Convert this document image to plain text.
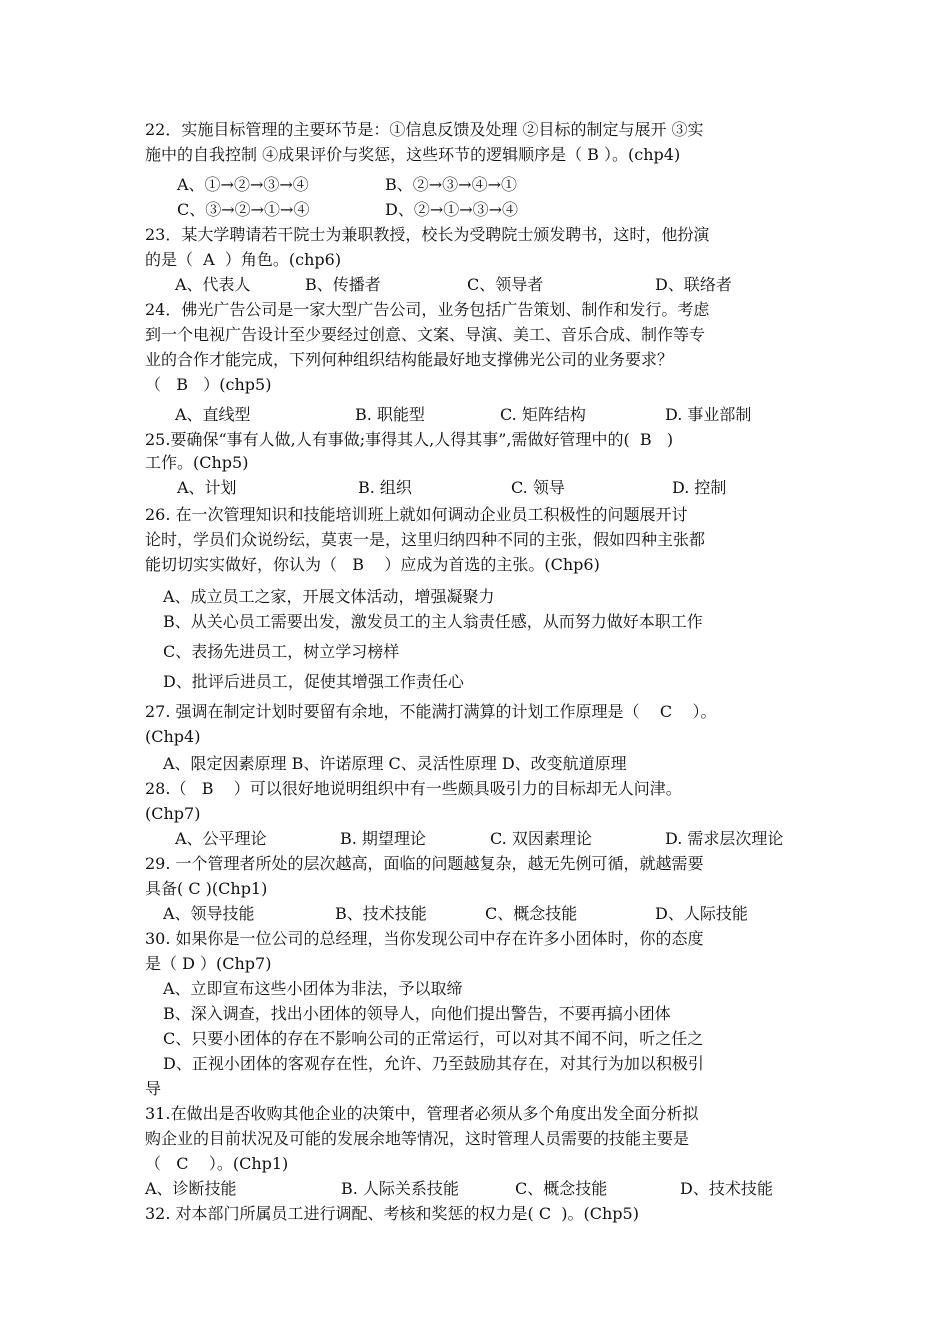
22．实施目标管理的主要环节是：①信息反馈及处理 ②目标的制定与展开 ③实
施中的自我控制 ④成果评价与奖惩，这些环节的逻辑顺序是（ B ）。(chp4)
A、①→②→③→④	B、②→③→④→①
C、③→②→①→④	D、②→①→③→④
23．某大学聘请若干院士为兼职教授，校长为受聘院士颁发聘书，这时，他扮演
的是（  A  ）角色。(chp6)
A、代表人	B、传播者	C、领导者	D、联络者
24．佛光广告公司是一家大型广告公司，业务包括广告策划、制作和发行。考虑
到一个电视广告设计至少要经过创意、文案、导演、美工、音乐合成、制作等专
业的合作才能完成，下列何种组织结构能最好地支撑佛光公司的业务要求？
（   B   ）(chp5)
A、直线型	B. 职能型	C. 矩阵结构	D. 事业部制
25.要确保“事有人做,人有事做;事得其人,人得其事”,需做好管理中的(  B   )
工作。(Chp5)
A、计划	B. 组织	C. 领导	D. 控制
26. 在一次管理知识和技能培训班上就如何调动企业员工积极性的问题展开讨
论时，学员们众说纷纭，莫衷一是，这里归纳四种不同的主张，假如四种主张都
能切切实实做好，你认为（   B    ）应成为首选的主张。(Chp6)
A、成立员工之家，开展文体活动，增强凝聚力
B、从关心员工需要出发，激发员工的主人翁责任感，从而努力做好本职工作
C、表扬先进员工，树立学习榜样
D、批评后进员工，促使其增强工作责任心
27. 强调在制定计划时要留有余地，不能满打满算的计划工作原理是（    C    ）。
(Chp4)
A、限定因素原理 B、许诺原理 C、灵活性原理 D、改变航道原理
28.（   B    ）可以很好地说明组织中有一些颇具吸引力的目标却无人问津。
(Chp7)
A、公平理论	B. 期望理论	C. 双因素理论	D. 需求层次理论
29. 一个管理者所处的层次越高，面临的问题越复杂，越无先例可循，就越需要
具备( C )(Chp1)
A、领导技能	B、技术技能	C、概念技能	D、人际技能
30. 如果你是一位公司的总经理，当你发现公司中存在许多小团体时，你的态度
是（ D ）(Chp7)
A、立即宣布这些小团体为非法，予以取缔
B、深入调查，找出小团体的领导人，向他们提出警告，不要再搞小团体
C、只要小团体的存在不影响公司的正常运行，可以对其不闻不问，听之任之
D、正视小团体的客观存在性，允许、乃至鼓励其存在，对其行为加以积极引
导
31.在做出是否收购其他企业的决策中，管理者必须从多个角度出发全面分析拟
购企业的目前状况及可能的发展余地等情况，这时管理人员需要的技能主要是
（   C    ）。(Chp1)
A、诊断技能	B. 人际关系技能	C、概念技能	D、技术技能
32. 对本部门所属员工进行调配、考核和奖惩的权力是( C  )。(Chp5)
